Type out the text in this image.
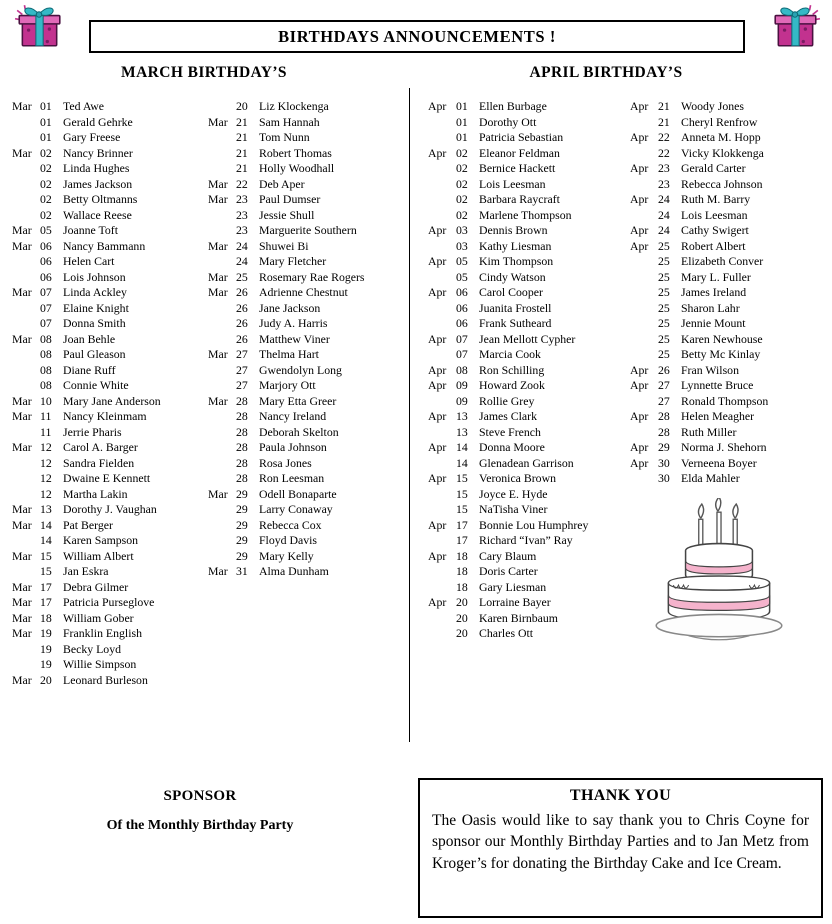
BIRTHDAYS ANNOUNCEMENTS !
MARCH BIRTHDAY’S	APRIL BIRTHDAY’S
Mar 01 Ted Awe
01 Gerald Gehrke
01 Gary Freese
Mar 02 Nancy Brinner
02 Linda Hughes
02 James Jackson
02 Betty Oltmanns
02 Wallace Reese
Mar 05 Joanne Toft
Mar 06 Nancy Bammann
06 Helen Cart
06 Lois Johnson
Mar 07 Linda Ackley
07 Elaine Knight
07 Donna Smith
Mar 08 Joan Behle
08 Paul Gleason
08 Diane Ruff
08 Connie White
Mar 10 Mary Jane Anderson
Mar 11 Nancy Kleinmam
11 Jerrie Pharis
Mar 12 Carol A. Barger
12 Sandra Fielden
12 Dwaine E Kennett
12 Martha Lakin
Mar 13 Dorothy J. Vaughan
Mar 14 Pat Berger
14 Karen Sampson
Mar 15 William Albert
15 Jan Eskra
Mar 17 Debra Gilmer
Mar 17 Patricia Purseglove
Mar 18 William Gober
Mar 19 Franklin English
19 Becky Loyd
19 Willie Simpson
Mar 20 Leonard Burleson
20 Liz Klockenga
Mar 21 Sam Hannah
21 Tom Nunn
21 Robert Thomas
21 Holly Woodhall
Mar 22 Deb Aper
Mar 23 Paul Dumser
23 Jessie Shull
23 Marguerite Southern
Mar 24 Shuwei Bi
24 Mary Fletcher
Mar 25 Rosemary Rae Rogers
Mar 26 Adrienne Chestnut
26 Jane Jackson
26 Judy A. Harris
26 Matthew Viner
Mar 27 Thelma Hart
27 Gwendolyn Long
27 Marjory Ott
Mar 28 Mary Etta Greer
28 Nancy Ireland
28 Deborah Skelton
28 Paula Johnson
28 Rosa Jones
28 Ron Leesman
Mar 29 Odell Bonaparte
29 Larry Conaway
29 Rebecca Cox
29 Floyd Davis
29 Mary Kelly
Mar 31 Alma Dunham
Apr 01 Ellen Burbage
01 Dorothy Ott
01 Patricia Sebastian
Apr 02 Eleanor Feldman
02 Bernice Hackett
02 Lois Leesman
02 Barbara Raycraft
02 Marlene Thompson
Apr 03 Dennis Brown
03 Kathy Liesman
Apr 05 Kim Thompson
05 Cindy Watson
Apr 06 Carol Cooper
06 Juanita Frostell
06 Frank Sutheard
Apr 07 Jean Mellott Cypher
07 Marcia Cook
Apr 08 Ron Schilling
Apr 09 Howard Zook
09 Rollie Grey
Apr 13 James Clark
13 Steve French
Apr 14 Donna Moore
14 Glenadean Garrison
Apr 15 Veronica Brown
15 Joyce E. Hyde
15 NaTisha Viner
Apr 17 Bonnie Lou Humphrey
17 Richard “Ivan” Ray
Apr 18 Cary Blaum
18 Doris Carter
18 Gary Liesman
Apr 20 Lorraine Bayer
20 Karen Birnbaum
20 Charles Ott
Apr 21 Woody Jones
21 Cheryl Renfrow
Apr 22 Anneta M. Hopp
22 Vicky Klokkenga
Apr 23 Gerald Carter
23 Rebecca Johnson
Apr 24 Ruth M. Barry
24 Lois Leesman
Apr 24 Cathy Swigert
Apr 25 Robert Albert
25 Elizabeth Conver
25 Mary L. Fuller
25 James Ireland
25 Sharon Lahr
25 Jennie Mount
25 Karen Newhouse
25 Betty Mc Kinlay
Apr 26 Fran Wilson
Apr 27 Lynnette Bruce
27 Ronald Thompson
Apr 28 Helen Meagher
28 Ruth Miller
Apr 29 Norma J. Shehorn
Apr 30 Verneena Boyer
30 Elda Mahler
SPONSOR
Of the Monthly Birthday Party
THANK YOU

The Oasis would like to say thank you to Chris Coyne for sponsor our Monthly Birthday Parties and to Jan Metz from Kroger’s for donating the Birthday Cake and Ice Cream.
